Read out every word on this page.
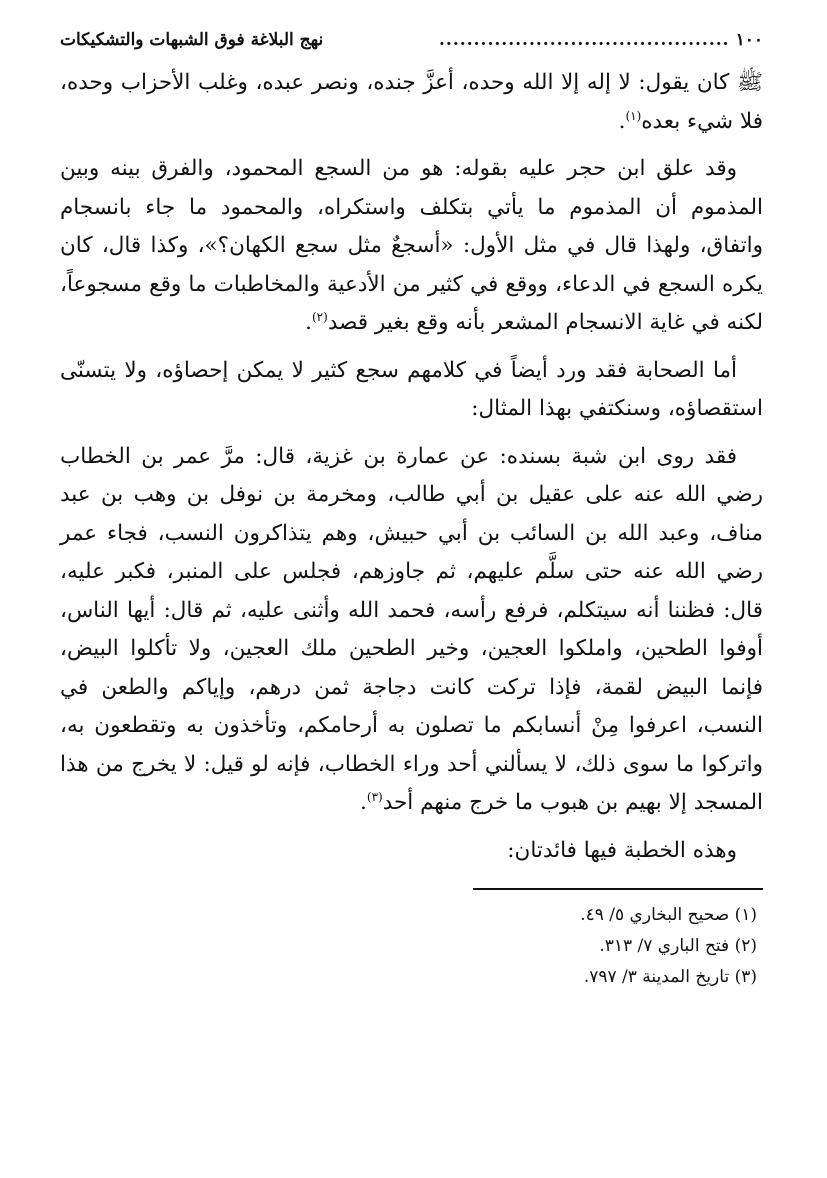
١٠٠
..........................................
نهج البلاغة فوق الشبهات والتشكيكات

ﷺ كان يقول: لا إله إلا الله وحده، أعزَّ جنده، ونصر عبده، وغلب الأحزاب وحده، فلا شيء بعده$^{(١)}$.

وقد علق ابن حجر عليه بقوله: هو من السجع المحمود، والفرق بينه وبين المذموم أن المذموم ما يأتي بتكلف واستكراه، والمحمود ما جاء بانسجام واتفاق، ولهذا قال في مثل الأول: «أسجعٌ مثل سجع الكهان؟»، وكذا قال، كان يكره السجع في الدعاء، ووقع في كثير من الأدعية والمخاطبات ما وقع مسجوعاً، لكنه في غاية الانسجام المشعر بأنه وقع بغير قصد$^{(٢)}$.

أما الصحابة فقد ورد أيضاً في كلامهم سجع كثير لا يمكن إحصاؤه، ولا يتسنّى استقصاؤه، وسنكتفي بهذا المثال:

فقد روى ابن شبة بسنده: عن عمارة بن غزية، قال: مرَّ عمر بن الخطاب رضي الله عنه على عقيل بن أبي طالب، ومخرمة بن نوفل بن وهب بن عبد مناف، وعبد الله بن السائب بن أبي حبيش، وهم يتذاكرون النسب، فجاء عمر رضي الله عنه حتى سلَّم عليهم، ثم جاوزهم، فجلس على المنبر، فكبر عليه، قال: فظننا أنه سيتكلم، فرفع رأسه، فحمد الله وأثنى عليه، ثم قال: أيها الناس، أوفوا الطحين، واملكوا العجين، وخير الطحين ملك العجين، ولا تأكلوا البيض، فإنما البيض لقمة، فإذا تركت كانت دجاجة ثمن درهم، وإياكم والطعن في النسب، اعرفوا مِنْ أنسابكم ما تصلون به أرحامكم، وتأخذون به وتقطعون به، واتركوا ما سوى ذلك، لا يسألني أحد وراء الخطاب، فإنه لو قيل: لا يخرج من هذا المسجد إلا بهيم بن هبوب ما خرج منهم أحد$^{(٣)}$.

وهذه الخطبة فيها فائدتان:

(١) صحيح البخاري ٥/ ٤٩.
(٢) فتح الباري ٧/ ٣١٣.
(٣) تاريخ المدينة ٣/ ٧٩٧.
